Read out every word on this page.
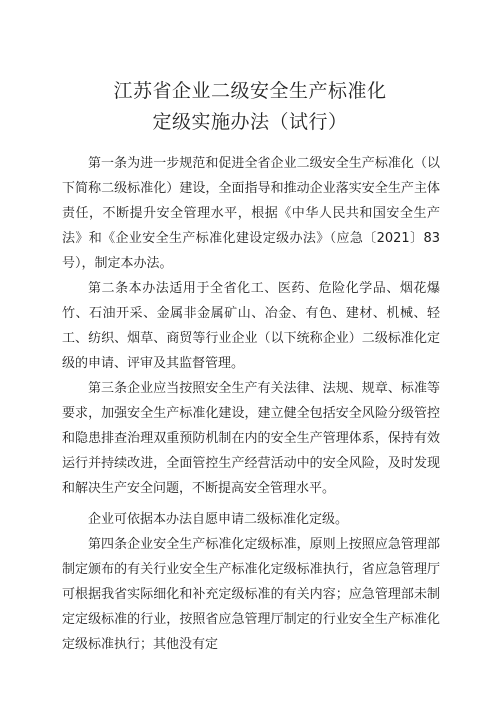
江苏省企业二级安全生产标准化
定级实施办法（试行）

第一条为进一步规范和促进全省企业二级安全生产标准化（以下简称二级标准化）建设，全面指导和推动企业落实安全生产主体责任，不断提升安全管理水平，根据《中华人民共和国安全生产法》和《企业安全生产标准化建设定级办法》（应急〔2021〕83号），制定本办法。

第二条本办法适用于全省化工、医药、危险化学品、烟花爆竹、石油开采、金属非金属矿山、冶金、有色、建材、机械、轻工、纺织、烟草、商贸等行业企业（以下统称企业）二级标准化定级的申请、评审及其监督管理。

第三条企业应当按照安全生产有关法律、法规、规章、标准等要求，加强安全生产标准化建设，建立健全包括安全风险分级管控和隐患排查治理双重预防机制在内的安全生产管理体系，保持有效运行并持续改进，全面管控生产经营活动中的安全风险，及时发现和解决生产安全问题，不断提高安全管理水平。

企业可依据本办法自愿申请二级标准化定级。

第四条企业安全生产标准化定级标准，原则上按照应急管理部制定颁布的有关行业安全生产标准化定级标准执行，省应急管理厅可根据我省实际细化和补充定级标准的有关内容；应急管理部未制定定级标准的行业，按照省应急管理厅制定的行业安全生产标准化定级标准执行；其他没有定
